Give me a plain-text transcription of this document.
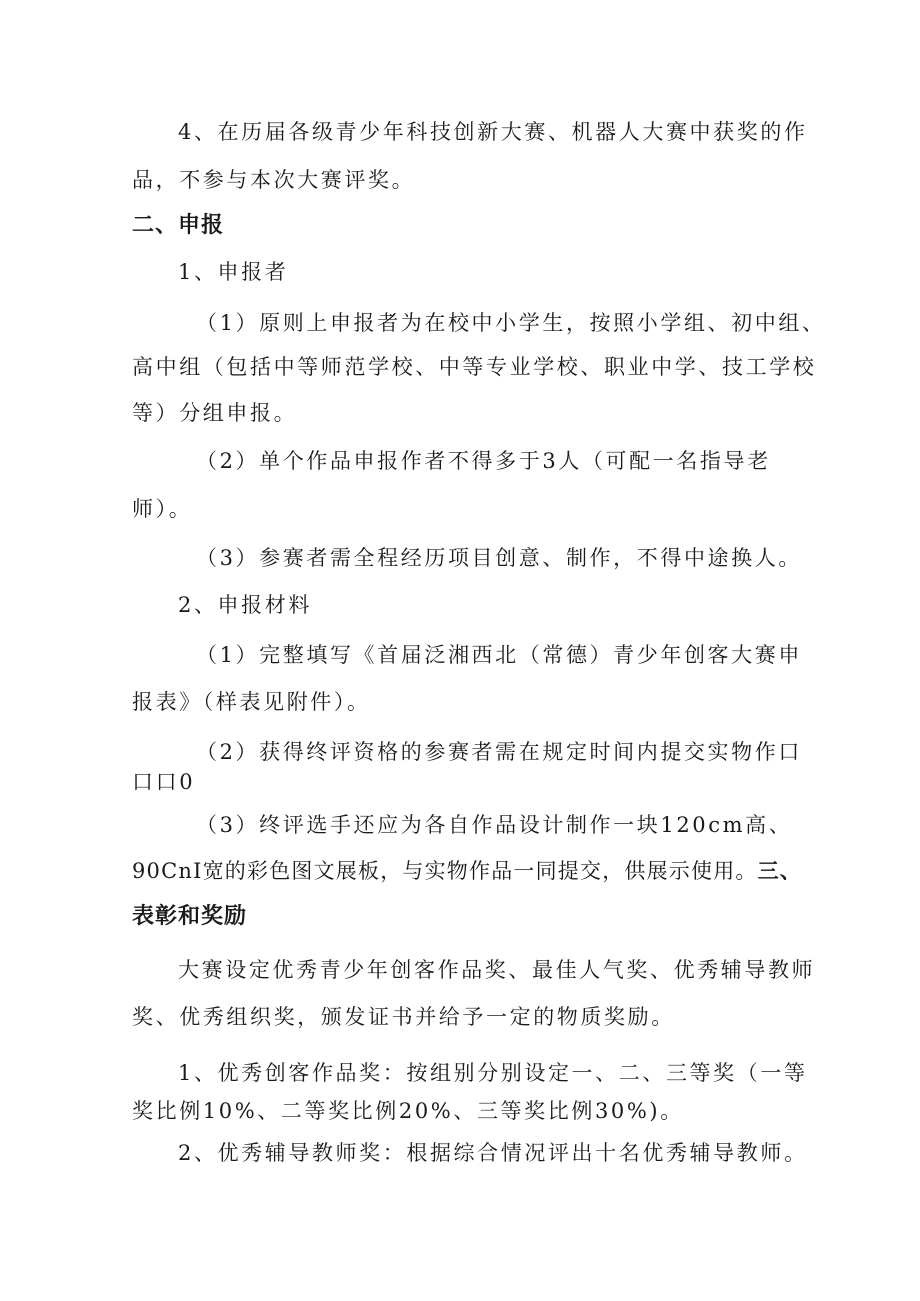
4、在历届各级青少年科技创新大赛、机器人大赛中获奖的作
品，不参与本次大赛评奖。
二、申报
1、申报者
（1）原则上申报者为在校中小学生，按照小学组、初中组、
高中组（包括中等师范学校、中等专业学校、职业中学、技工学校
等）分组申报。
（2）单个作品申报作者不得多于3人（可配一名指导老
师）。
（3）参赛者需全程经历项目创意、制作，不得中途换人。
2、申报材料
（1）完整填写《首届泛湘西北（常德）青少年创客大赛申
报表》（样表见附件）。
（2）获得终评资格的参赛者需在规定时间内提交实物作口
口口0
（3）终评选手还应为各自作品设计制作一块120cm高、
90CnI宽的彩色图文展板，与实物作品一同提交，供展示使用。三、
表彰和奖励
大赛设定优秀青少年创客作品奖、最佳人气奖、优秀辅导教师
奖、优秀组织奖，颁发证书并给予一定的物质奖励。
1、优秀创客作品奖：按组别分别设定一、二、三等奖（一等
奖比例10%、二等奖比例20%、三等奖比例30%)。
2、优秀辅导教师奖：根据综合情况评出十名优秀辅导教师。
